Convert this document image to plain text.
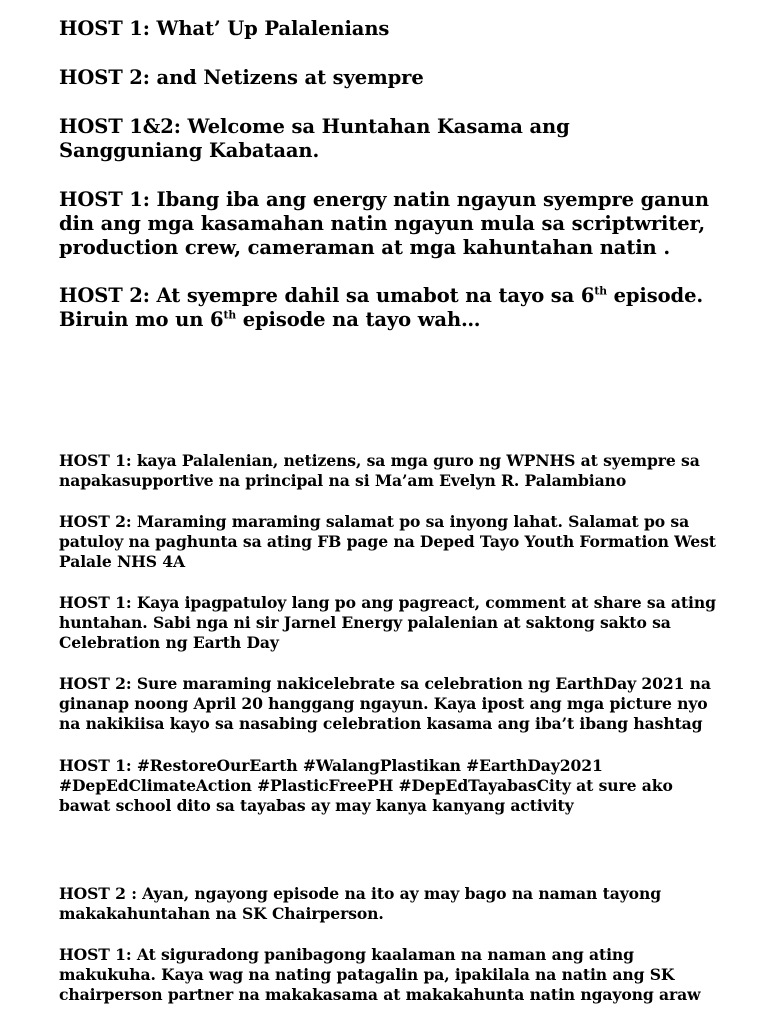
HOST 1: What’ Up Palalenians
HOST 2: and Netizens at syempre
HOST 1&2: Welcome sa Huntahan Kasama ang Sangguniang Kabataan.
HOST 1: Ibang iba ang energy natin ngayun syempre ganun din ang mga kasamahan natin ngayun mula sa scriptwriter, production crew, cameraman at mga kahuntahan natin .
HOST 2: At syempre dahil sa umabot na tayo sa 6th episode. Biruin mo un 6th episode na tayo wah…
HOST 1: kaya Palalenian, netizens, sa mga guro ng WPNHS at syempre sa napakasupportive na principal na si Ma’am Evelyn R. Palambiano
HOST 2: Maraming maraming salamat po sa inyong lahat. Salamat po sa patuloy na paghunta sa ating FB page na Deped Tayo Youth Formation West Palale NHS 4A
HOST 1: Kaya ipagpatuloy lang po ang pagreact, comment at share sa ating huntahan. Sabi nga ni sir Jarnel Energy palalenian at saktong sakto sa Celebration ng Earth Day
HOST 2: Sure maraming nakicelebrate sa celebration ng EarthDay 2021 na ginanap noong April 20 hanggang ngayun. Kaya ipost ang mga picture nyo na nakikiisa kayo sa nasabing celebration kasama ang iba’t ibang hashtag
HOST 1: #RestoreOurEarth #WalangPlastikan #EarthDay2021 #DepEdClimateAction #PlasticFreePH #DepEdTayabasCity at sure ako bawat school dito sa tayabas ay may kanya kanyang activity
HOST 2 : Ayan, ngayong episode na ito ay may bago na naman tayong makakahuntahan na SK Chairperson.
HOST 1: At siguradong panibagong kaalaman na naman ang ating makukuha. Kaya wag na nating patagalin pa, ipakilala na natin ang SK chairperson partner na makakasama at makakahunta natin ngayong araw
